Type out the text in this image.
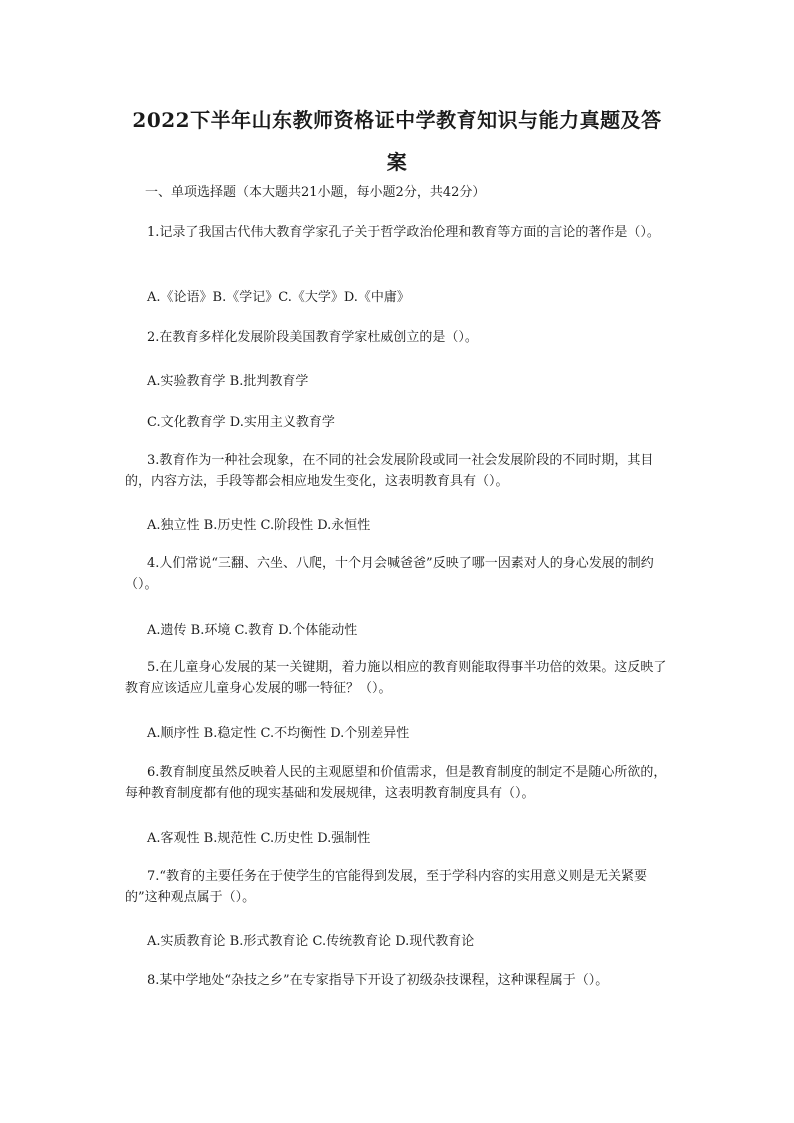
2022下半年山东教师资格证中学教育知识与能力真题及答
案
一、单项选择题（本大题共21小题，每小题2分，共42分）

1.记录了我国古代伟大教育学家孔子关于哲学政治伦理和教育等方面的言论的著作是（）。

A.《论语》B.《学记》C.《大学》D.《中庸》

2.在教育多样化发展阶段美国教育学家杜威创立的是（）。

A.实验教育学 B.批判教育学

C.文化教育学 D.实用主义教育学

3.教育作为一种社会现象，在不同的社会发展阶段或同一社会发展阶段的不同时期，其目的，内容方法，手段等都会相应地发生变化，这表明教育具有（）。

A.独立性 B.历史性 C.阶段性 D.永恒性

4.人们常说“三翻、六坐、八爬，十个月会喊爸爸”反映了哪一因素对人的身心发展的制约（）。

A.遗传 B.环境 C.教育 D.个体能动性

5.在儿童身心发展的某一关键期，着力施以相应的教育则能取得事半功倍的效果。这反映了教育应该适应儿童身心发展的哪一特征？（）。

A.顺序性 B.稳定性 C.不均衡性 D.个别差异性

6.教育制度虽然反映着人民的主观愿望和价值需求，但是教育制度的制定不是随心所欲的，每种教育制度都有他的现实基础和发展规律，这表明教育制度具有（）。

A.客观性 B.规范性 C.历史性 D.强制性

7.“教育的主要任务在于使学生的官能得到发展，至于学科内容的实用意义则是无关紧要的”这种观点属于（）。

A.实质教育论 B.形式教育论 C.传统教育论 D.现代教育论

8.某中学地处“杂技之乡”在专家指导下开设了初级杂技课程，这种课程属于（）。
